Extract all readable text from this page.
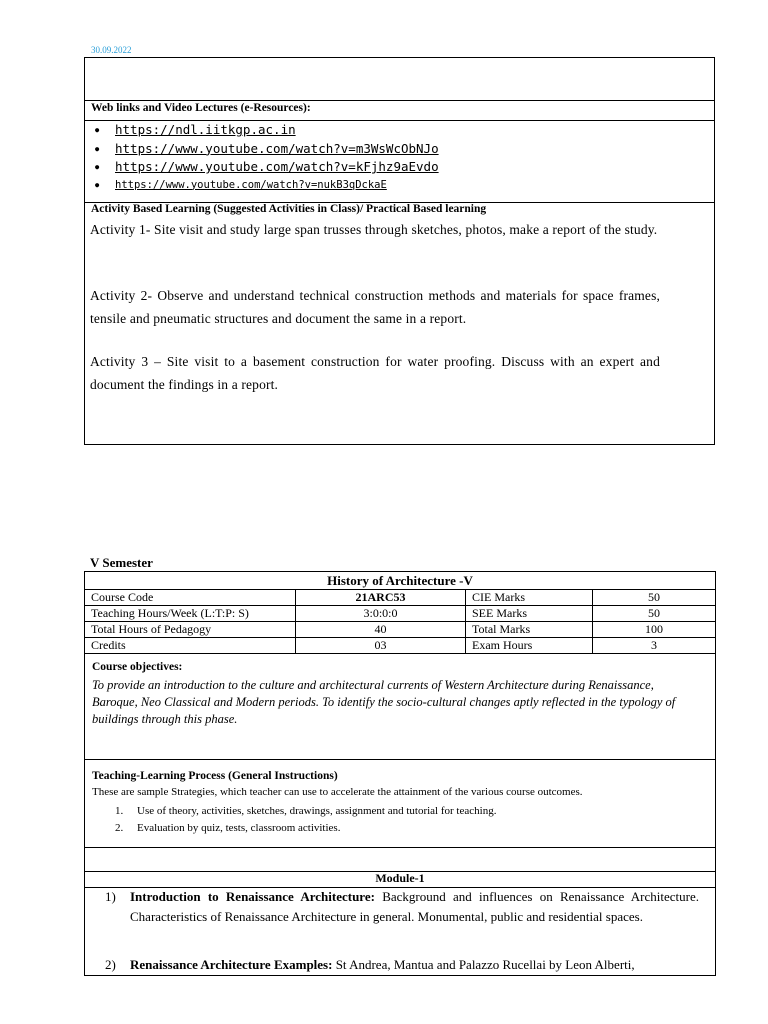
30.09.2022
Web links and Video Lectures (e-Resources):
● https://ndl.iitkgp.ac.in
● https://www.youtube.com/watch?v=m3WsWcObNJo
● https://www.youtube.com/watch?v=kFjhz9aEvdo
● https://www.youtube.com/watch?v=nukB3qDckaE
Activity Based Learning (Suggested Activities in Class)/ Practical Based learning
Activity 1- Site visit and study large span trusses through sketches, photos, make a report of the study.
Activity 2- Observe and understand technical construction methods and materials for space frames, tensile and pneumatic structures and document the same in a report.
Activity 3 – Site visit to a basement construction for water proofing. Discuss with an expert and document the findings in a report.
V Semester
History of Architecture -V			
Course Code	21ARC53	CIE Marks	50
Teaching Hours/Week (L:T:P: S)	3:0:0:0	SEE Marks	50
Total Hours of Pedagogy	40	Total Marks	100
Credits	03	Exam Hours	3
Course objectives:
To provide an introduction to the culture and architectural currents of Western Architecture during Renaissance, Baroque, Neo Classical and Modern periods. To identify the socio-cultural changes aptly reflected in the typology of buildings through this phase.
Teaching-Learning Process (General Instructions)
These are sample Strategies, which teacher can use to accelerate the attainment of the various course outcomes.
1. Use of theory, activities, sketches, drawings, assignment and tutorial for teaching.
2. Evaluation by quiz, tests, classroom activities.
Module-1
1) Introduction to Renaissance Architecture: Background and influences on Renaissance Architecture. Characteristics of Renaissance Architecture in general. Monumental, public and residential spaces.
2) Renaissance Architecture Examples: St Andrea, Mantua and Palazzo Rucellai by Leon Alberti,
